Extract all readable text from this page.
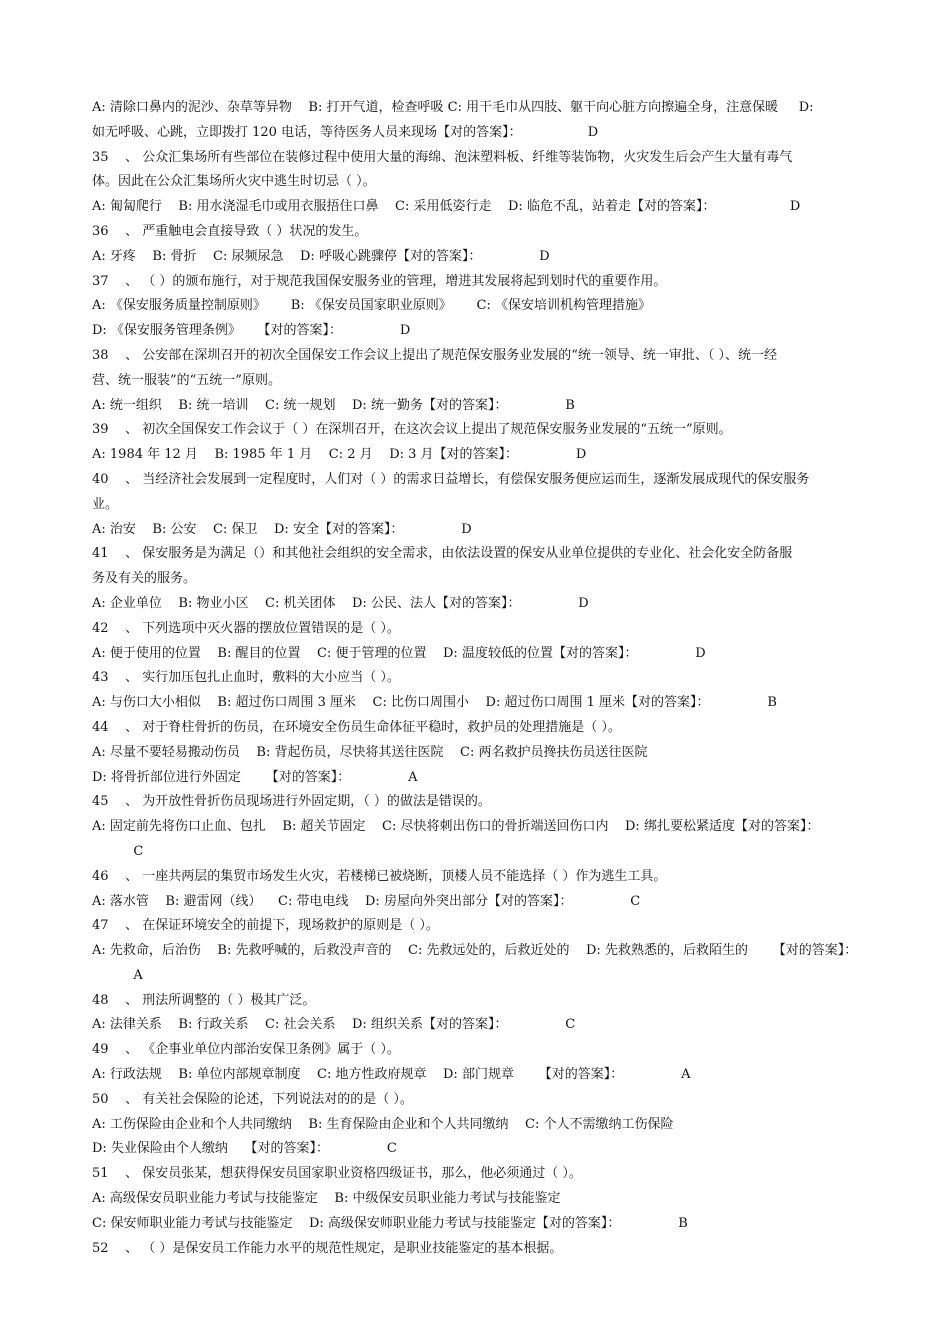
A: 清除口鼻内的泥沙、杂草等异物    B: 打开气道，检查呼吸 C: 用干毛巾从四肢、躯干向心脏方向擦遍全身，注意保暖     D:
如无呼吸、心跳，立即拨打 120 电话，等待医务人员来现场【对的答案】：                D
35    、 公众汇集场所有些部位在装修过程中使用大量的海绵、泡沫塑料板、纤维等装饰物，火灾发生后会产生大量有毒气
体。因此在公众汇集场所火灾中逃生时切忌（ ）。
A: 匍匐爬行    B: 用水浇湿毛巾或用衣服捂住口鼻    C: 采用低姿行走    D: 临危不乱，站着走【对的答案】：                  D
36    、 严重触电会直接导致（ ）状况的发生。
A: 牙疼    B: 骨折    C: 尿频尿急    D: 呼吸心跳骤停【对的答案】：              D
37    、 （ ）的颁布施行，对于规范我国保安服务业的管理，增进其发展将起到划时代的重要作用。
A: 《保安服务质量控制原则》      B: 《保安员国家职业原则》      C: 《保安培训机构管理措施》
D: 《保安服务管理条例》    【对的答案】：              D
38    、 公安部在深圳召开的初次全国保安工作会议上提出了规范保安服务业发展的“统一领导、统一审批、（ ）、统一经
营、统一服装”的“五统一”原则。
A: 统一组织    B: 统一培训    C: 统一规划    D: 统一勤务【对的答案】：              B
39    、 初次全国保安工作会议于（ ）在深圳召开，在这次会议上提出了规范保安服务业发展的“五统一”原则。
A: 1984 年 12 月    B: 1985 年 1 月    C: 2 月    D: 3 月【对的答案】：              D
40    、 当经济社会发展到一定程度时，人们对（ ）的需求日益增长，有偿保安服务便应运而生，逐渐发展成现代的保安服务
业。
A: 治安    B: 公安    C: 保卫    D: 安全【对的答案】：              D
41    、 保安服务是为满足（）和其他社会组织的安全需求，由依法设置的保安从业单位提供的专业化、社会化安全防备服
务及有关的服务。
A: 企业单位    B: 物业小区    C: 机关团体    D: 公民、法人【对的答案】：              D
42    、 下列选项中灭火器的摆放位置错误的是（ ）。
A: 便于使用的位置    B: 醒目的位置    C: 便于管理的位置    D: 温度较低的位置【对的答案】：              D
43    、 实行加压包扎止血时，敷料的大小应当（ ）。
A: 与伤口大小相似    B: 超过伤口周围 3 厘米    C: 比伤口周围小    D: 超过伤口周围 1 厘米【对的答案】：              B
44    、 对于脊柱骨折的伤员，在环境安全伤员生命体征平稳时，救护员的处理措施是（ ）。
A: 尽量不要轻易搬动伤员    B: 背起伤员，尽快将其送往医院    C: 两名救护员搀扶伤员送往医院
D: 将骨折部位进行外固定      【对的答案】：              A
45    、 为开放性骨折伤员现场进行外固定期，（ ）的做法是错误的。
A: 固定前先将伤口止血、包扎    B: 超关节固定    C: 尽快将刺出伤口的骨折端送回伤口内    D: 绑扎要松紧适度【对的答案】：
C
46    、 一座共两层的集贸市场发生火灾，若楼梯已被烧断，顶楼人员不能选择（ ）作为逃生工具。
A: 落水管    B: 避雷网（线）    C: 带电电线    D: 房屋向外突出部分【对的答案】：              C
47    、 在保证环境安全的前提下，现场救护的原则是（ ）。
A: 先救命，后治伤    B: 先救呼喊的，后救没声音的    C: 先救远处的，后救近处的    D: 先救熟悉的，后救陌生的      【对的答案】：
A
48    、 刑法所调整的（ ）极其广泛。
A: 法律关系    B: 行政关系    C: 社会关系    D: 组织关系【对的答案】：              C
49    、 《企事业单位内部治安保卫条例》属于（ ）。
A: 行政法规    B: 单位内部规章制度    C: 地方性政府规章    D: 部门规章      【对的答案】：              A
50    、 有关社会保险的论述，下列说法对的的是（ ）。
A: 工伤保险由企业和个人共同缴纳    B: 生育保险由企业和个人共同缴纳    C: 个人不需缴纳工伤保险
D: 失业保险由个人缴纳    【对的答案】：              C
51    、 保安员张某，想获得保安员国家职业资格四级证书，那么，他必须通过（ ）。
A: 高级保安员职业能力考试与技能鉴定    B: 中级保安员职业能力考试与技能鉴定
C: 保安师职业能力考试与技能鉴定    D: 高级保安师职业能力考试与技能鉴定【对的答案】：              B
52    、 （ ）是保安员工作能力水平的规范性规定，是职业技能鉴定的基本根据。
